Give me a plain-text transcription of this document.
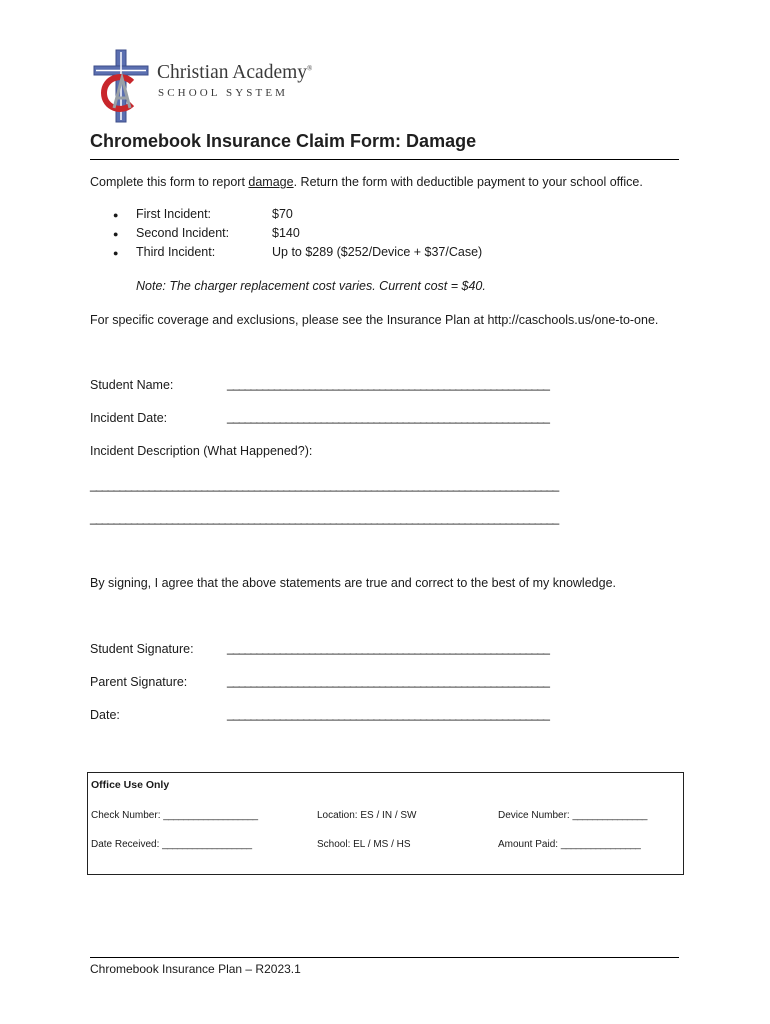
Christian Academy®
SCHOOL SYSTEM
Chromebook Insurance Claim Form: Damage
Complete this form to report damage. Return the form with deductible payment to your school office.
● First Incident:	$70
● Second Incident:	$140
● Third Incident:	Up to $289 ($252/Device + $37/Case)
Note: The charger replacement cost varies. Current cost = $40.
For specific coverage and exclusions, please see the Insurance Plan at http://caschools.us/one-to-one.
Student Name:	_______________________________________________________
Incident Date:	_______________________________________________________
Incident Description (What Happened?):
________________________________________________________________________________
________________________________________________________________________________
By signing, I agree that the above statements are true and correct to the best of my knowledge.
Student Signature:	_______________________________________________________
Parent Signature:	_______________________________________________________
Date:	_______________________________________________________
Office Use Only
Check Number: ___________________	Location: ES / IN / SW	Device Number: _______________
Date Received: __________________	School: EL / MS / HS	Amount Paid: ________________
Chromebook Insurance Plan – R2023.1
